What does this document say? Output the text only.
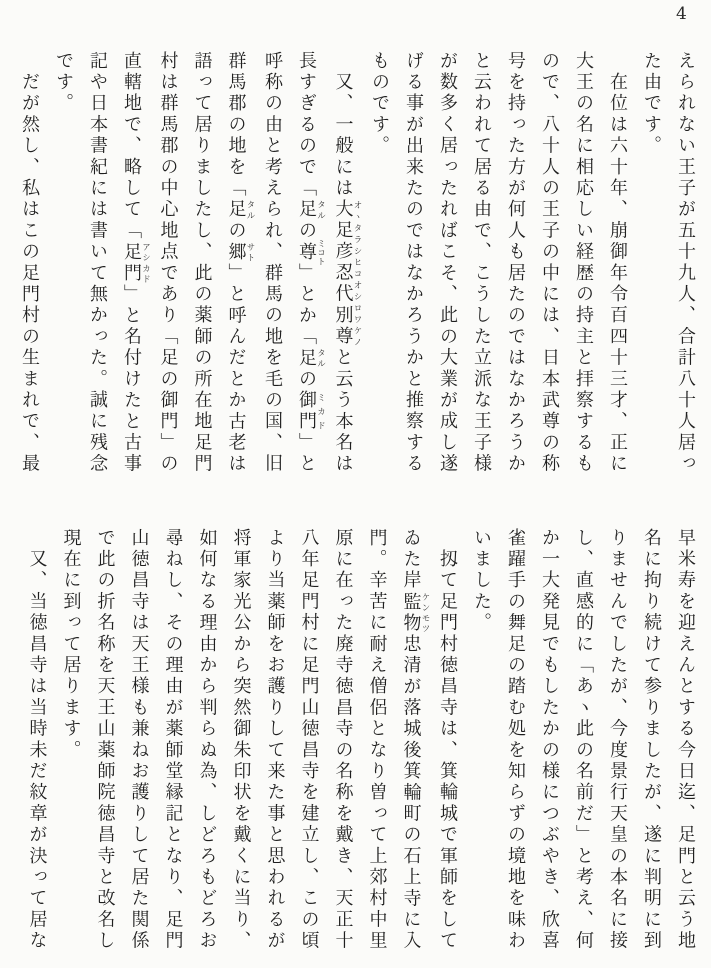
4
えられない王子が五十九人、合計八十人居っ
た由です。
　在位は六十年、崩御年令百四十三才、正に
大王の名に相応しい経歴の持主と拝察するも
ので、八十人の王子の中には、日本武尊の称
号を持った方が何人も居たのではなかろうか
と云われて居る由で、こうした立派な王子様
が数多く居ったればこそ、此の大業が成し遂
げる事が出来たのではなかろうかと推察する
ものです。
　又、一般には大足彦忍代別尊オヽタラシヒコオシロワケノと云う本名は
長すぎるので「足タルの尊ミコト」とか「足タルの御門ミカド」と
呼称の由と考えられ、群馬の地を毛の国、旧
群馬郡の地を「足タルの郷サト」と呼んだとか古老は
語って居りましたし、此の薬師の所在地足門
村は群馬郡の中心地点であり「足の御門」の
直轄地で、略して「足門アシカド」と名付けたと古事
記や日本書紀には書いて無かった。誠に残念
です。
　だが然し、私はこの足門村の生まれで、最
早米寿を迎えんとする今日迄、足門と云う地
名に拘り続けて参りましたが、遂に判明に到
りませんでしたが、今度景行天皇の本名に接
し、直感的に「あヽ此の名前だ」と考え、何
か一大発見でもしたかの様につぶやき、欣喜
雀躍手の舞足の踏む処を知らずの境地を味わ
いました。
　扨て足門村徳昌寺は、箕輪城で軍師をして
ゐた岸監物ケンモツ忠清が落城後箕輪町の石上寺に入
門。辛苦に耐え僧侶となり曽って上郊村中里
原に在った廃寺徳昌寺の名称を戴き、天正十
八年足門村に足門山徳昌寺を建立し、この頃
より当薬師をお護りして来た事と思われるが
将軍家光公から突然御朱印状を戴くに当り、
如何なる理由から判らぬ為、しどろもどろお
尋ねし、その理由が薬師堂縁記となり、足門
山徳昌寺は天王様も兼ねお護りして居た関係
で此の折名称を天王山薬師院徳昌寺と改名し
現在に到って居ります。
　又、当徳昌寺は当時未だ紋章が決って居な
